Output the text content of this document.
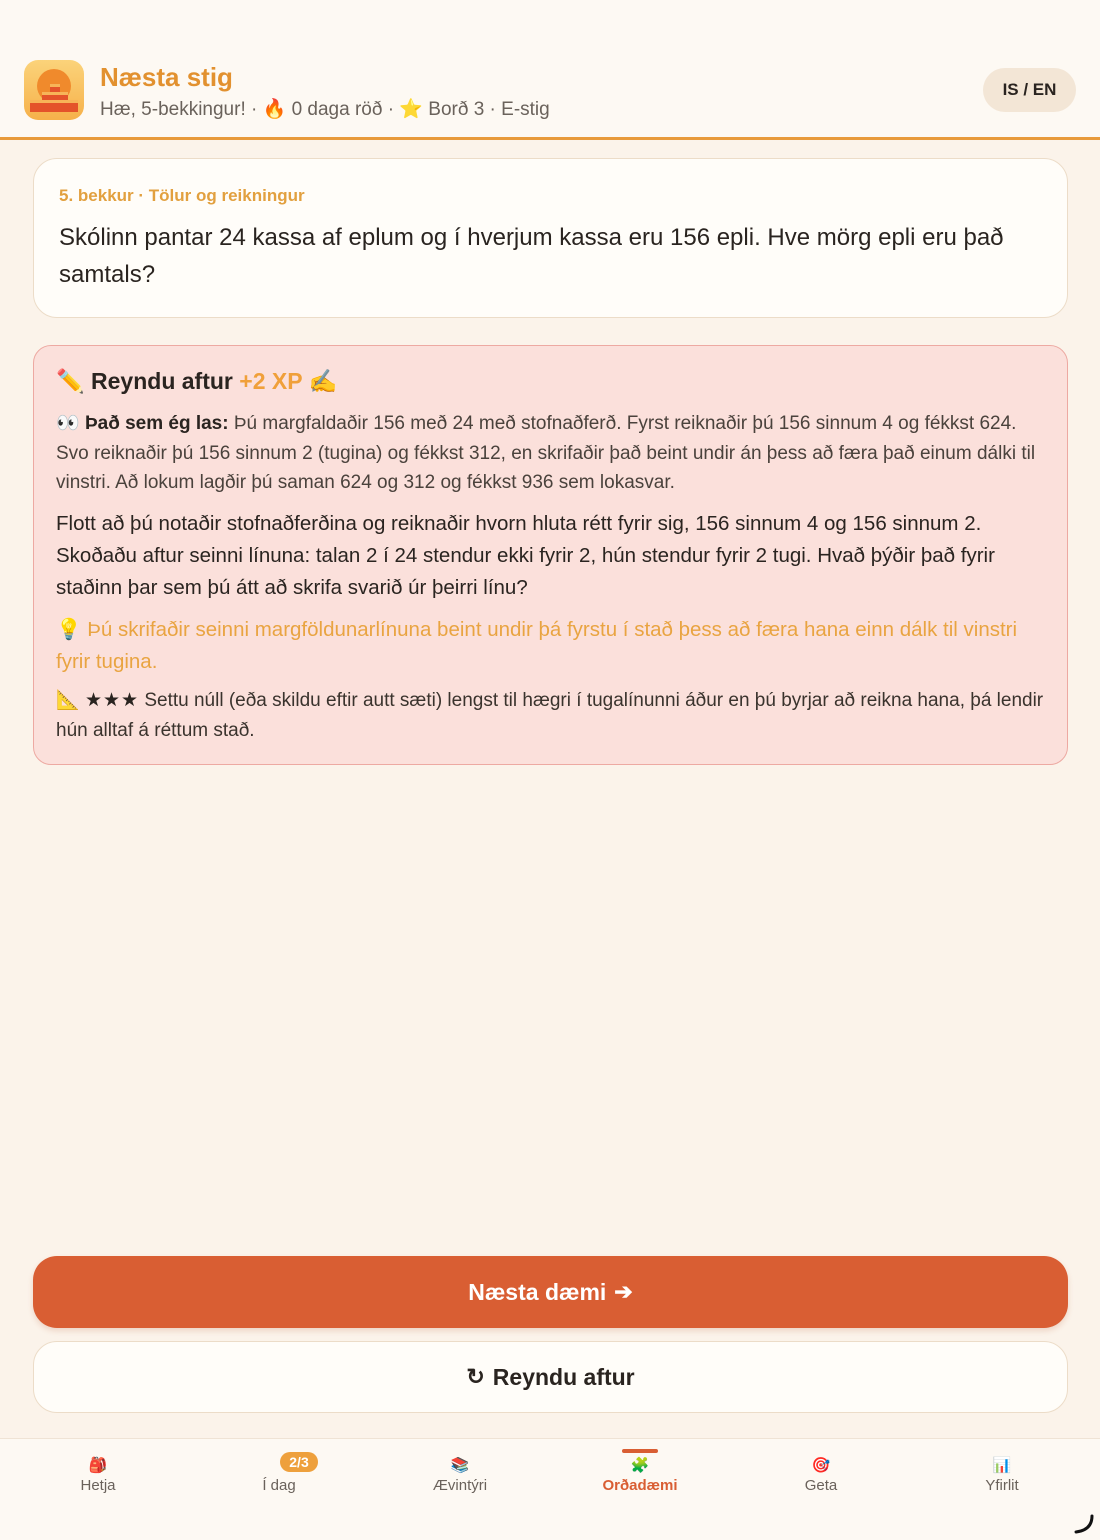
Næsta stig
Hæ, 5-bekkingur! · 🔥 0 daga röð · ⭐ Borð 3 · E-stig
IS / EN
5. bekkur · Tölur og reikningur
Skólinn pantar 24 kassa af eplum og í hverjum kassa eru 156 epli. Hve mörg epli eru það samtals?
✏️ Reyndu aftur +2 XP ✍️
👀 Það sem ég las: Þú margfaldaðir 156 með 24 með stofnaðferð. Fyrst reiknaðir þú 156 sinnum 4 og fékkst 624. Svo reiknaðir þú 156 sinnum 2 (tugina) og fékkst 312, en skrifaðir það beint undir án þess að færa það einum dálki til vinstri. Að lokum lagðir þú saman 624 og 312 og fékkst 936 sem lokasvar.
Flott að þú notaðir stofnaðferðina og reiknaðir hvorn hluta rétt fyrir sig, 156 sinnum 4 og 156 sinnum 2. Skoðaðu aftur seinni línuna: talan 2 í 24 stendur ekki fyrir 2, hún stendur fyrir 2 tugi. Hvað þýðir það fyrir staðinn þar sem þú átt að skrifa svarið úr þeirri línu?
💡 Þú skrifaðir seinni margföldunarlínuna beint undir þá fyrstu í stað þess að færa hana einn dálk til vinstri fyrir tugina.
📐 ★★★ Settu núll (eða skildu eftir autt sæti) lengst til hægri í tugalínunni áður en þú byrjar að reikna hana, þá lendir hún alltaf á réttum stað.
Næsta dæmi ➔
↻ Reyndu aftur
🎒
Hetja
2/3
Í dag
📚
Ævintýri
🧩
Orðadæmi
🎯
Geta
📊
Yfirlit
